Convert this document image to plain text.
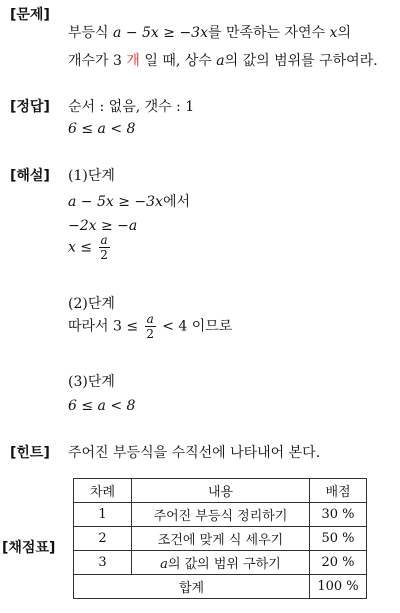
[문제]
부등식 a − 5x ≥ −3x를 만족하는 자연수 x의
개수가 3 개 일 때, 상수 a의 값의 범위를 구하여라.
[정답] 순서 : 없음, 갯수 : 1
6 ≤ a < 8
[해설] (1)단계
a − 5x ≥ −3x에서
−2x ≥ −a
$x \le \frac{a}{2}$
(2)단계
따라서 $3 \le \frac{a}{2} < 4$ 이므로
(3)단계
6 ≤ a < 8
[힌트] 주어진 부등식을 수직선에 나타내어 본다.
[채점표]
차례	내용	배점
1	주어진 부등식 정리하기	30 %
2	조건에 맞게 식 세우기	50 %
3	a의 값의 범위 구하기	20 %
합계		100 %
